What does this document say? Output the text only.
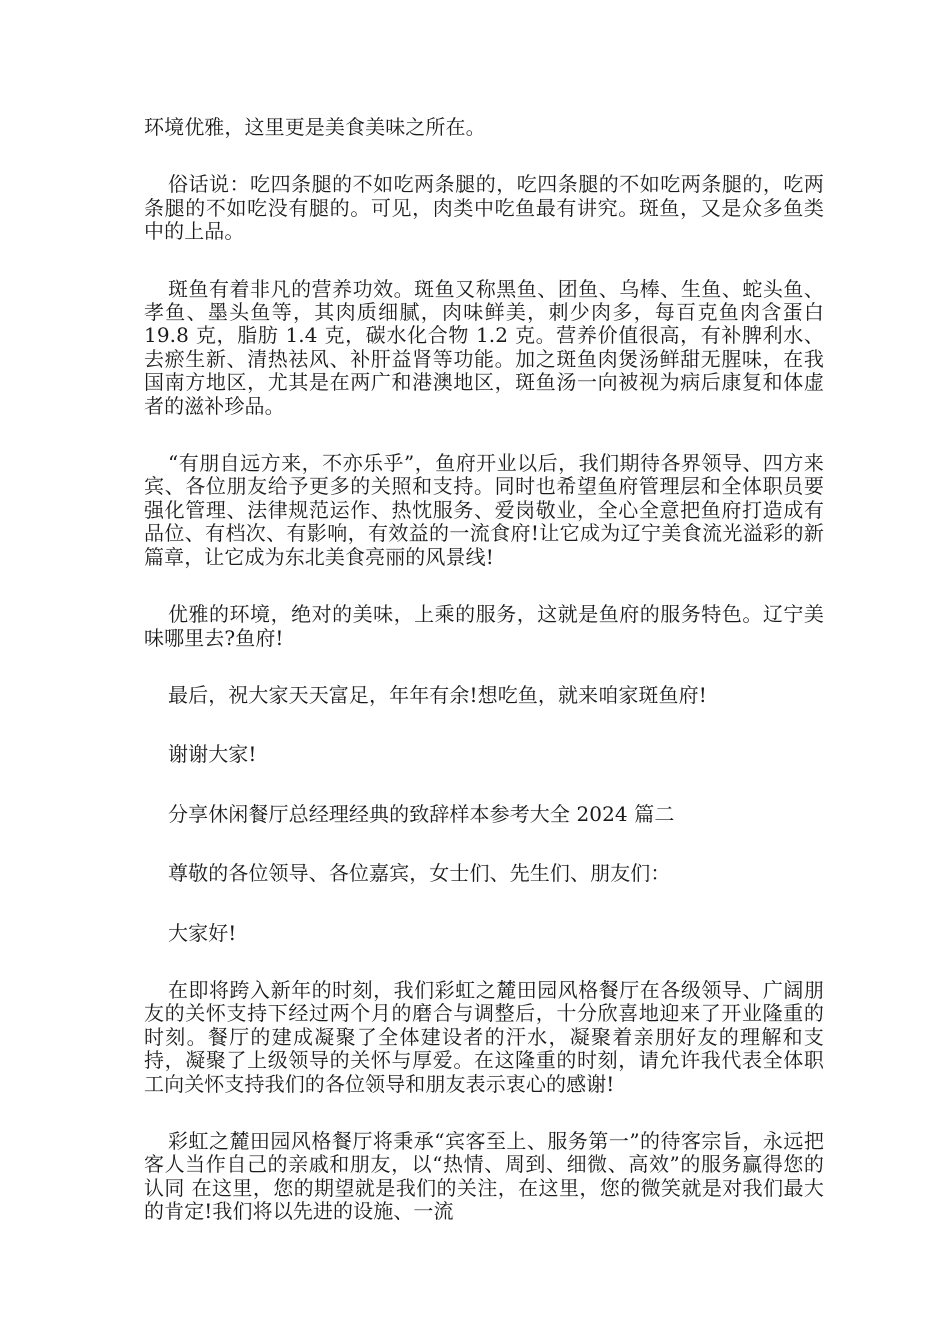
环境优雅，这里更是美食美味之所在。

俗话说：吃四条腿的不如吃两条腿的，吃四条腿的不如吃两条腿的，吃两条腿的不如吃没有腿的。可见，肉类中吃鱼最有讲究。斑鱼，又是众多鱼类中的上品。

斑鱼有着非凡的营养功效。斑鱼又称黑鱼、团鱼、乌棒、生鱼、蛇头鱼、孝鱼、墨头鱼等，其肉质细腻，肉味鲜美，刺少肉多，每百克鱼肉含蛋白 19.8 克，脂肪 1.4 克，碳水化合物 1.2 克。营养价值很高，有补脾利水、去瘀生新、清热祛风、补肝益肾等功能。加之斑鱼肉煲汤鲜甜无腥味，在我国南方地区，尤其是在两广和港澳地区，斑鱼汤一向被视为病后康复和体虚者的滋补珍品。

“有朋自远方来，不亦乐乎”，鱼府开业以后，我们期待各界领导、四方来宾、各位朋友给予更多的关照和支持。同时也希望鱼府管理层和全体职员要强化管理、法律规范运作、热忱服务、爱岗敬业，全心全意把鱼府打造成有品位、有档次、有影响，有效益的一流食府!让它成为辽宁美食流光溢彩的新篇章，让它成为东北美食亮丽的风景线!

优雅的环境，绝对的美味，上乘的服务，这就是鱼府的服务特色。辽宁美味哪里去?鱼府!

最后，祝大家天天富足，年年有余!想吃鱼，就来咱家斑鱼府!

谢谢大家!

分享休闲餐厅总经理经典的致辞样本参考大全 2024 篇二

尊敬的各位领导、各位嘉宾，女士们、先生们、朋友们：

大家好!

在即将跨入新年的时刻，我们彩虹之麓田园风格餐厅在各级领导、广阔朋友的关怀支持下经过两个月的磨合与调整后，十分欣喜地迎来了开业隆重的时刻。餐厅的建成凝聚了全体建设者的汗水，凝聚着亲朋好友的理解和支持，凝聚了上级领导的关怀与厚爱。在这隆重的时刻，请允许我代表全体职工向关怀支持我们的各位领导和朋友表示衷心的感谢!

彩虹之麓田园风格餐厅将秉承“宾客至上、服务第一”的待客宗旨，永远把客人当作自己的亲戚和朋友，以“热情、周到、细微、高效”的服务赢得您的认同 在这里，您的期望就是我们的关注，在这里，您的微笑就是对我们最大的肯定!我们将以先进的设施、一流
